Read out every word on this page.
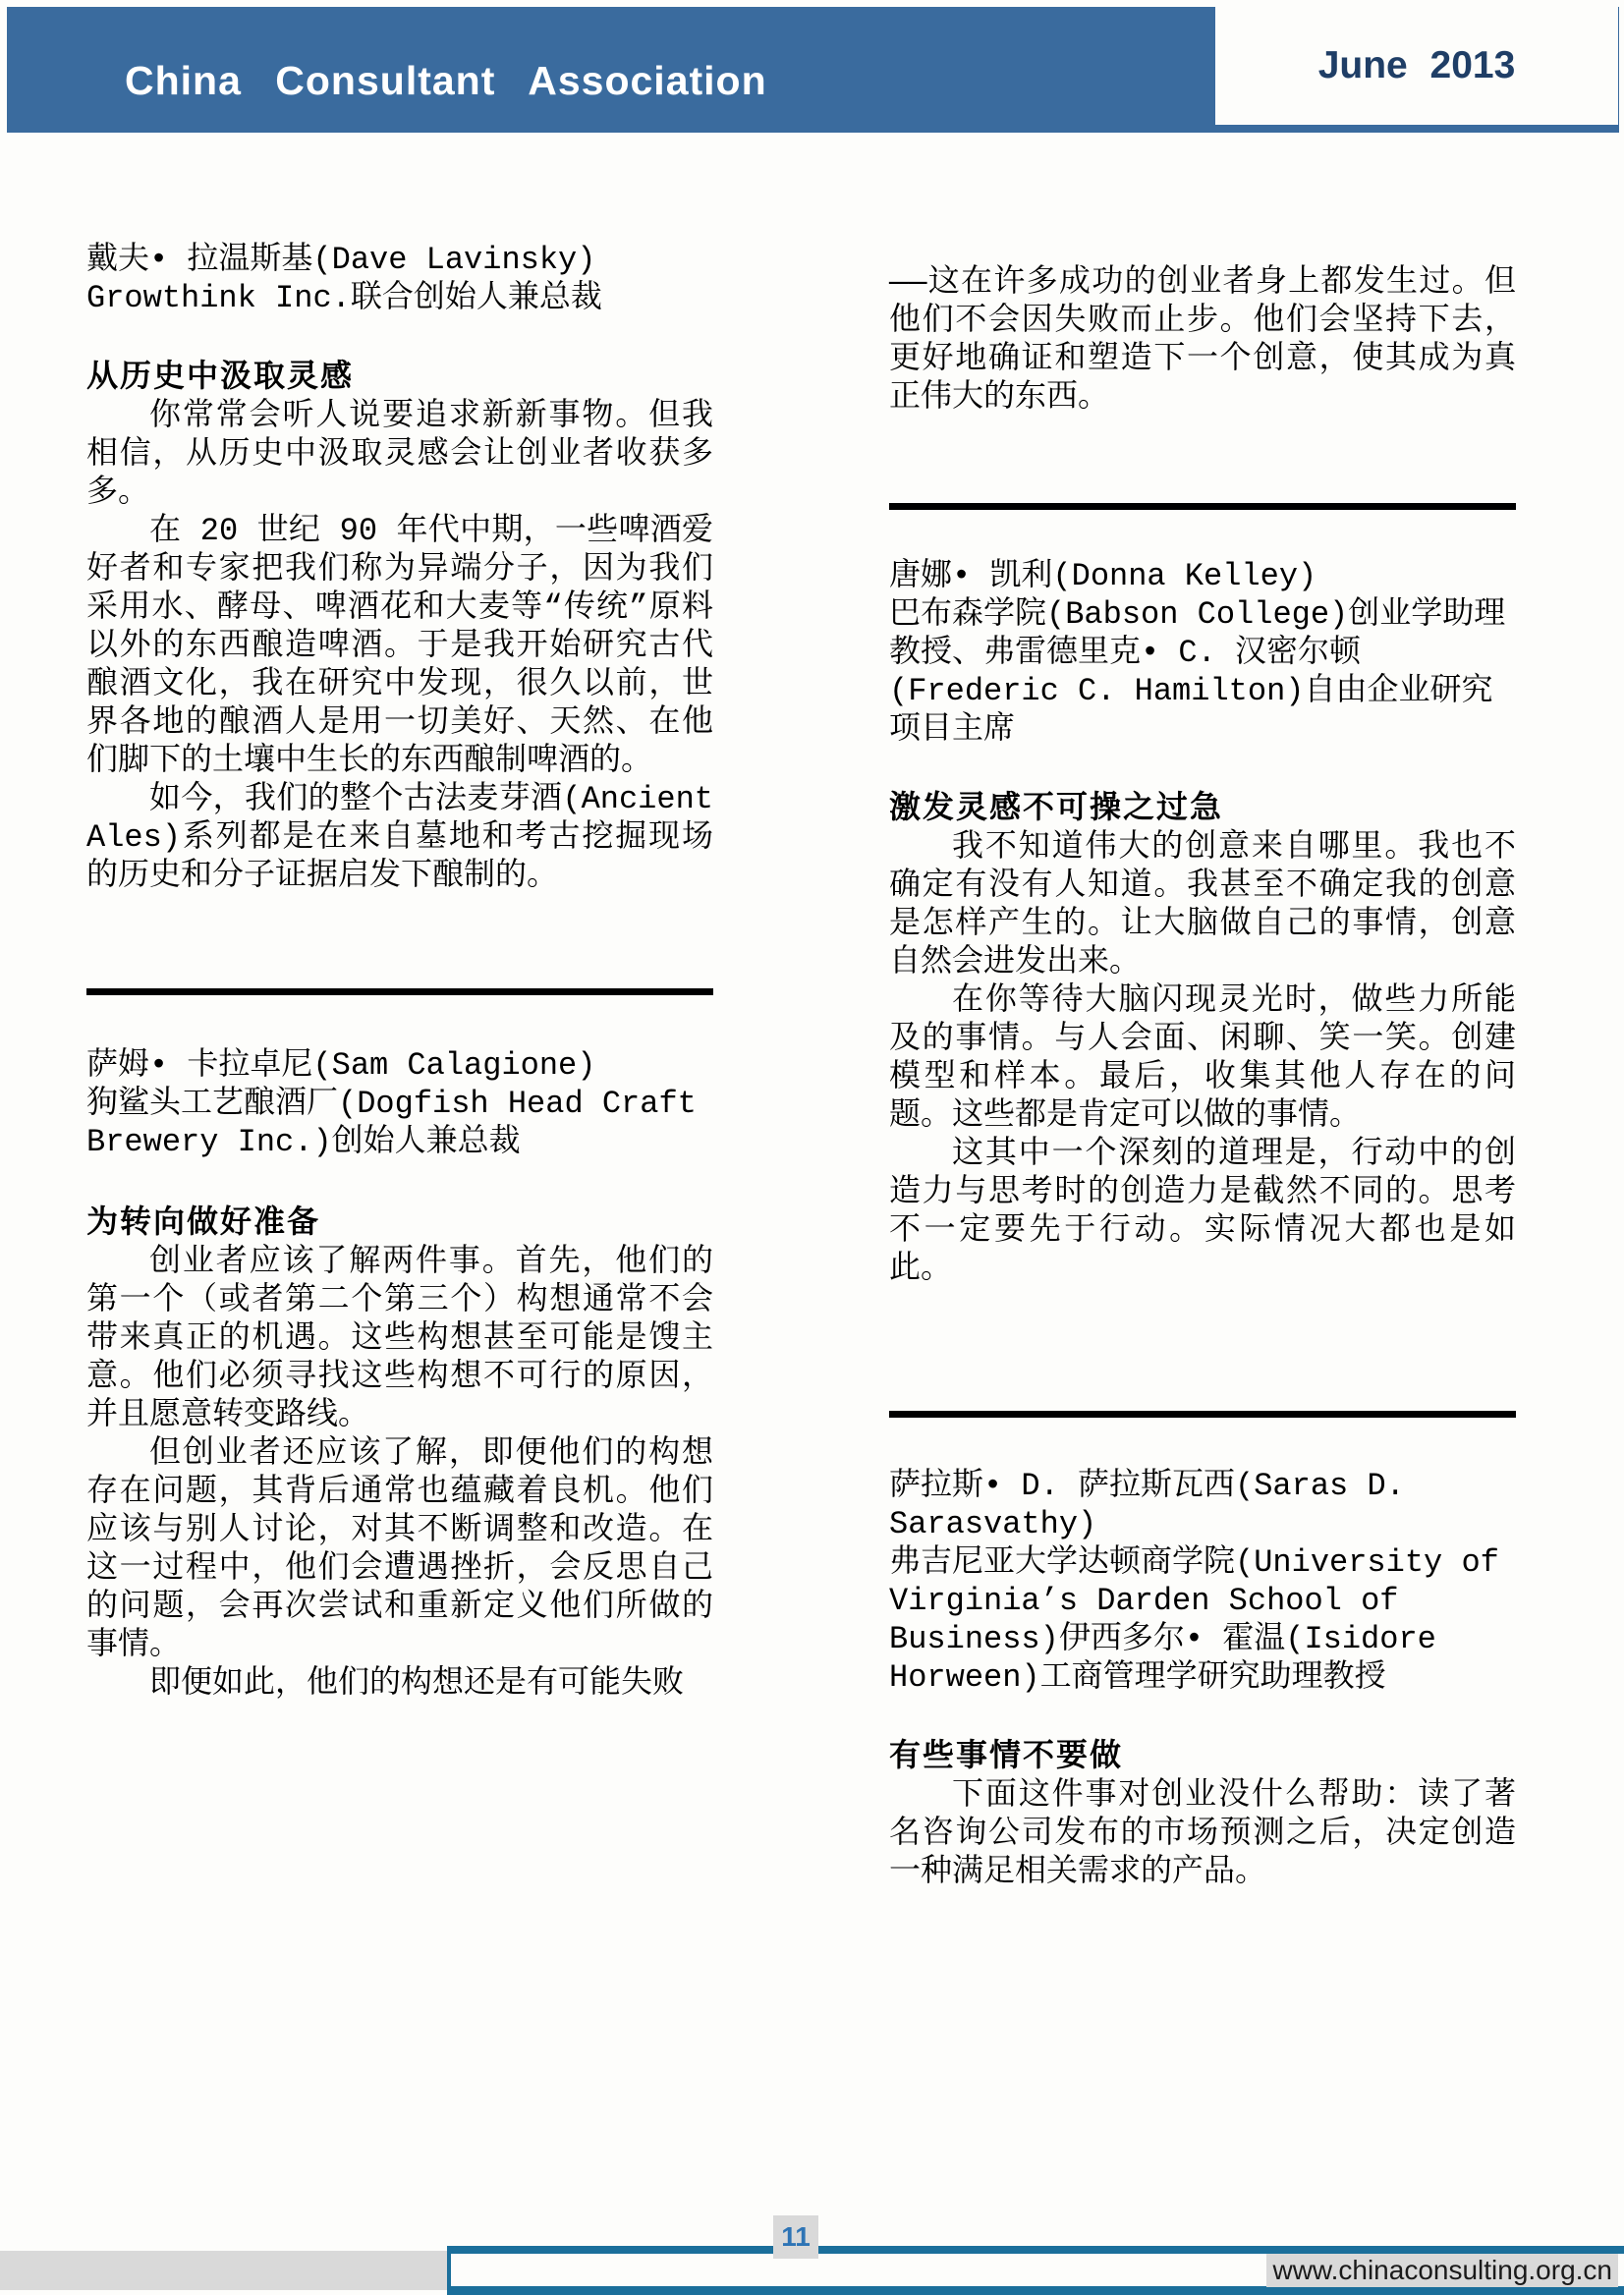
China Consultant Association	June 2013
戴夫• 拉温斯基(Dave Lavinsky)
Growthink Inc.联合创始人兼总裁
从历史中汲取灵感

你常常会听人说要追求新新事物。但我相信，从历史中汲取灵感会让创业者收获多多。

在 20 世纪 90 年代中期，一些啤酒爱好者和专家把我们称为异端分子，因为我们采用水、酵母、啤酒花和大麦等“传统”原料以外的东西酿造啤酒。于是我开始研究古代酿酒文化，我在研究中发现，很久以前，世界各地的酿酒人是用一切美好、天然、在他们脚下的土壤中生长的东西酿制啤酒的。

如今，我们的整个古法麦芽酒(Ancient Ales)系列都是在来自墓地和考古挖掘现场的历史和分子证据启发下酿制的。

萨姆• 卡拉卓尼(Sam Calagione)
狗鲨头工艺酿酒厂(Dogfish Head Craft Brewery Inc.)创始人兼总裁
为转向做好准备

创业者应该了解两件事。首先，他们的第一个（或者第二个第三个）构想通常不会带来真正的机遇。这些构想甚至可能是馊主意。他们必须寻找这些构想不可行的原因，并且愿意转变路线。

但创业者还应该了解，即便他们的构想存在问题，其背后通常也蕴藏着良机。他们应该与别人讨论，对其不断调整和改造。在这一过程中，他们会遭遇挫折，会反思自己的问题，会再次尝试和重新定义他们所做的事情。

即便如此，他们的构想还是有可能失败

——这在许多成功的创业者身上都发生过。但他们不会因失败而止步。他们会坚持下去，更好地确证和塑造下一个创意，使其成为真正伟大的东西。

唐娜• 凯利(Donna Kelley)
巴布森学院(Babson College)创业学助理教授、弗雷德里克• C. 汉密尔顿(Frederic C. Hamilton)自由企业研究项目主席
激发灵感不可操之过急

我不知道伟大的创意来自哪里。我也不确定有没有人知道。我甚至不确定我的创意是怎样产生的。让大脑做自己的事情，创意自然会进发出来。

在你等待大脑闪现灵光时，做些力所能及的事情。与人会面、闲聊、笑一笑。创建模型和样本。最后，收集其他人存在的问题。这些都是肯定可以做的事情。

这其中一个深刻的道理是，行动中的创造力与思考时的创造力是截然不同的。思考不一定要先于行动。实际情况大都也是如此。

萨拉斯• D. 萨拉斯瓦西(Saras D. Sarasvathy)
弗吉尼亚大学达顿商学院(University of Virginia’s Darden School of Business)伊西多尔• 霍温(Isidore Horween)工商管理学研究助理教授
有些事情不要做

下面这件事对创业没什么帮助：读了著名咨询公司发布的市场预测之后，决定创造一种满足相关需求的产品。

11
www.chinaconsulting.org.cn
